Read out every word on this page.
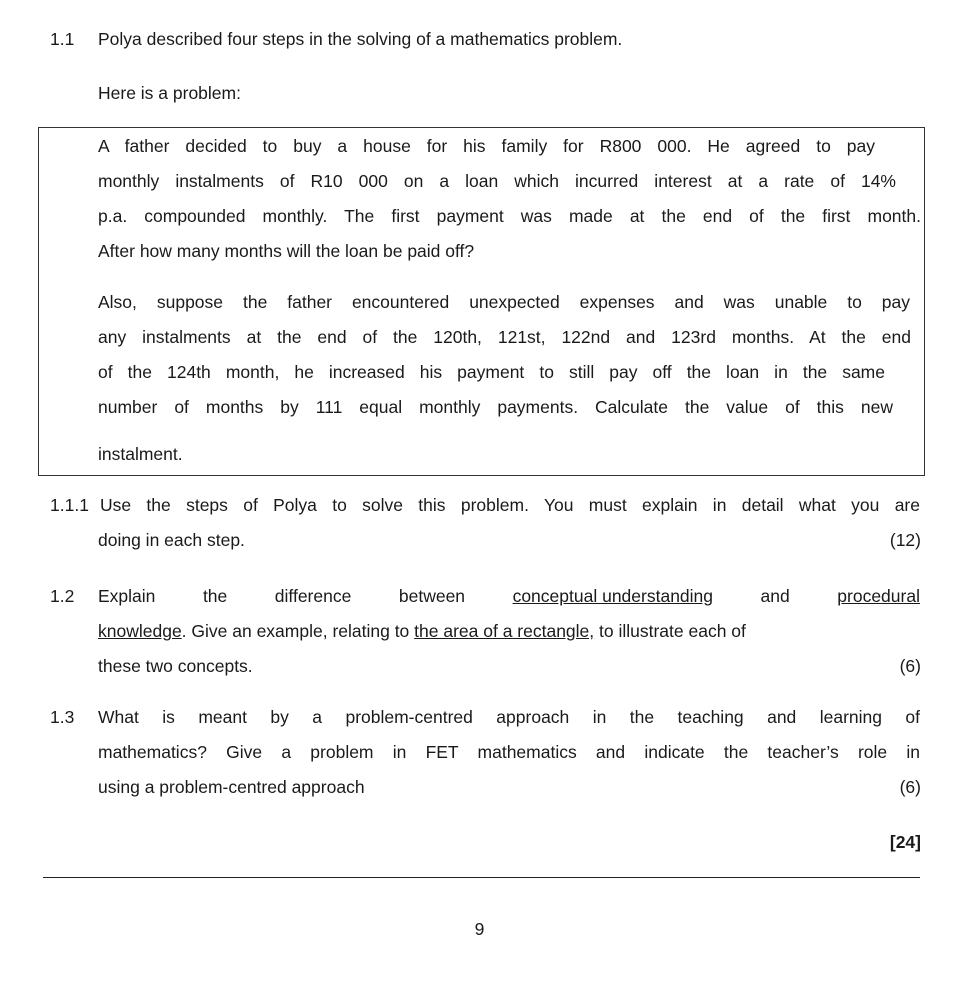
1.1 Polya described four steps in the solving of a mathematics problem.
Here is a problem:
A father decided to buy a house for his family for R800 000. He agreed to pay
monthly instalments of R10 000 on a loan which incurred interest at a rate of 14%
p.a. compounded monthly. The first payment was made at the end of the first month.
After how many months will the loan be paid off?
Also, suppose the father encountered unexpected expenses and was unable to pay
any instalments at the end of the 120th, 121st, 122nd and 123rd months. At the end
of the 124th month, he increased his payment to still pay off the loan in the same
number of months by 111 equal monthly payments. Calculate the value of this new
instalment.
1.1.1 Use the steps of Polya to solve this problem. You must explain in detail what you are
doing in each step.	(12)
1.2 Explain	the	difference	between	conceptual understanding	and	procedural
knowledge. Give an example, relating to the area of a rectangle, to illustrate each of
these two concepts.	(6)
1.3 What is meant by a problem-centred approach in the teaching and learning of
mathematics? Give a problem in FET mathematics and indicate the teacher’s role in
using a problem-centred approach	(6)
[24]
9
